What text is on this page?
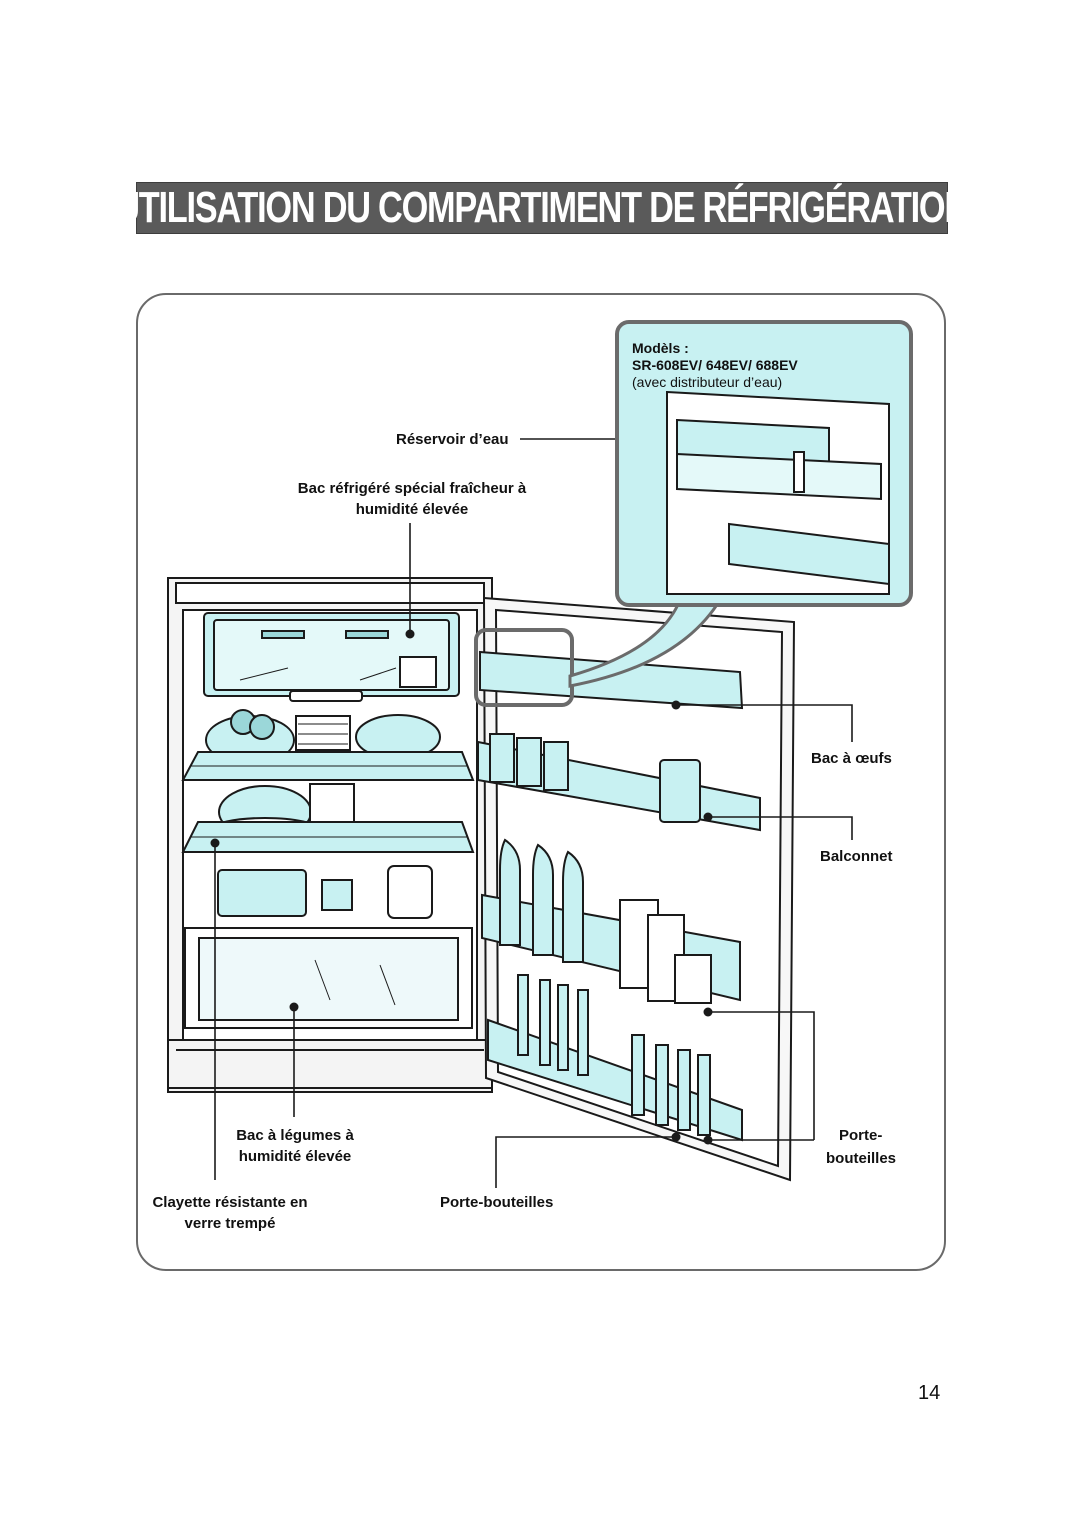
UTILISATION DU COMPARTIMENT DE RÉFRIGÉRATION
Modèls :
SR-608EV/ 648EV/ 688EV
(avec distributeur d’eau)
Réservoir d’eau
Bac réfrigéré spécial fraîcheur à
humidité élevée
Bac à œufs
Balconnet
Porte-
bouteilles
Bac à légumes à
humidité élevée
Clayette résistante en
verre trempé
Porte-bouteilles
14
